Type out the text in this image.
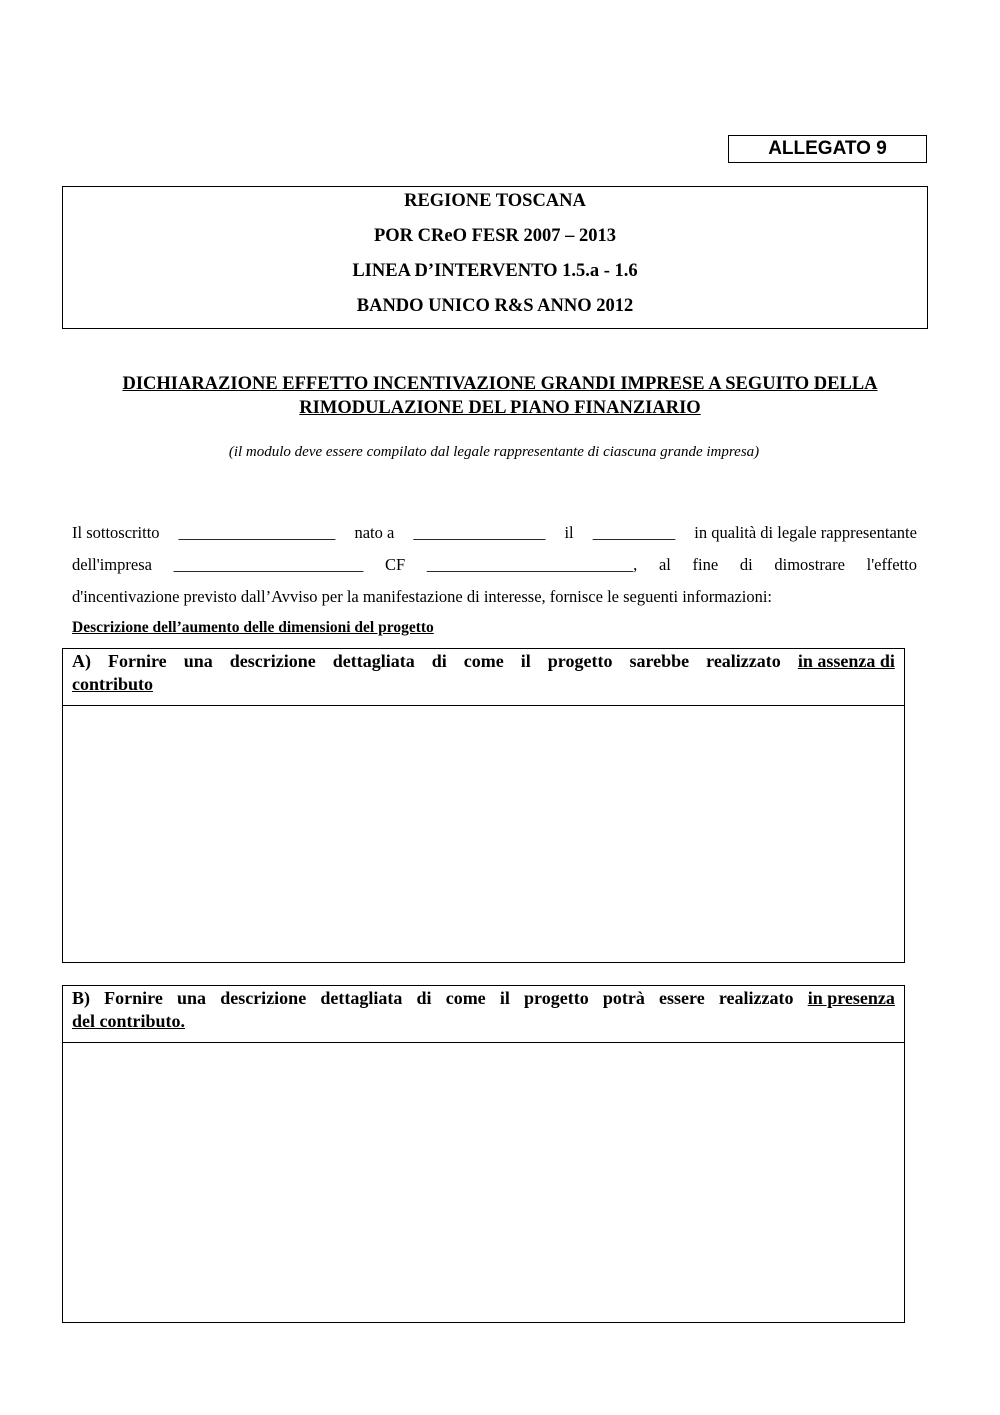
ALLEGATO 9
REGIONE TOSCANA
POR CReO FESR 2007 – 2013
LINEA D’INTERVENTO 1.5.a - 1.6
BANDO UNICO R&S ANNO 2012
DICHIARAZIONE EFFETTO INCENTIVAZIONE GRANDI IMPRESE A SEGUITO DELLA
RIMODULAZIONE DEL PIANO FINANZIARIO
(il modulo deve essere compilato dal legale rappresentante di ciascuna grande impresa)
Il sottoscritto ___________________ nato a ________________ il __________ in qualità di legale rappresentante
dell'impresa _______________________ CF _________________________, al fine di dimostrare l'effetto
d'incentivazione previsto dall’Avviso per la manifestazione di interesse, fornisce le seguenti informazioni:
Descrizione dell’aumento delle dimensioni del progetto
A) Fornire una descrizione dettagliata di come il progetto sarebbe realizzato in assenza di
contributo
B) Fornire una descrizione dettagliata di come il progetto potrà essere realizzato in presenza
del contributo.
